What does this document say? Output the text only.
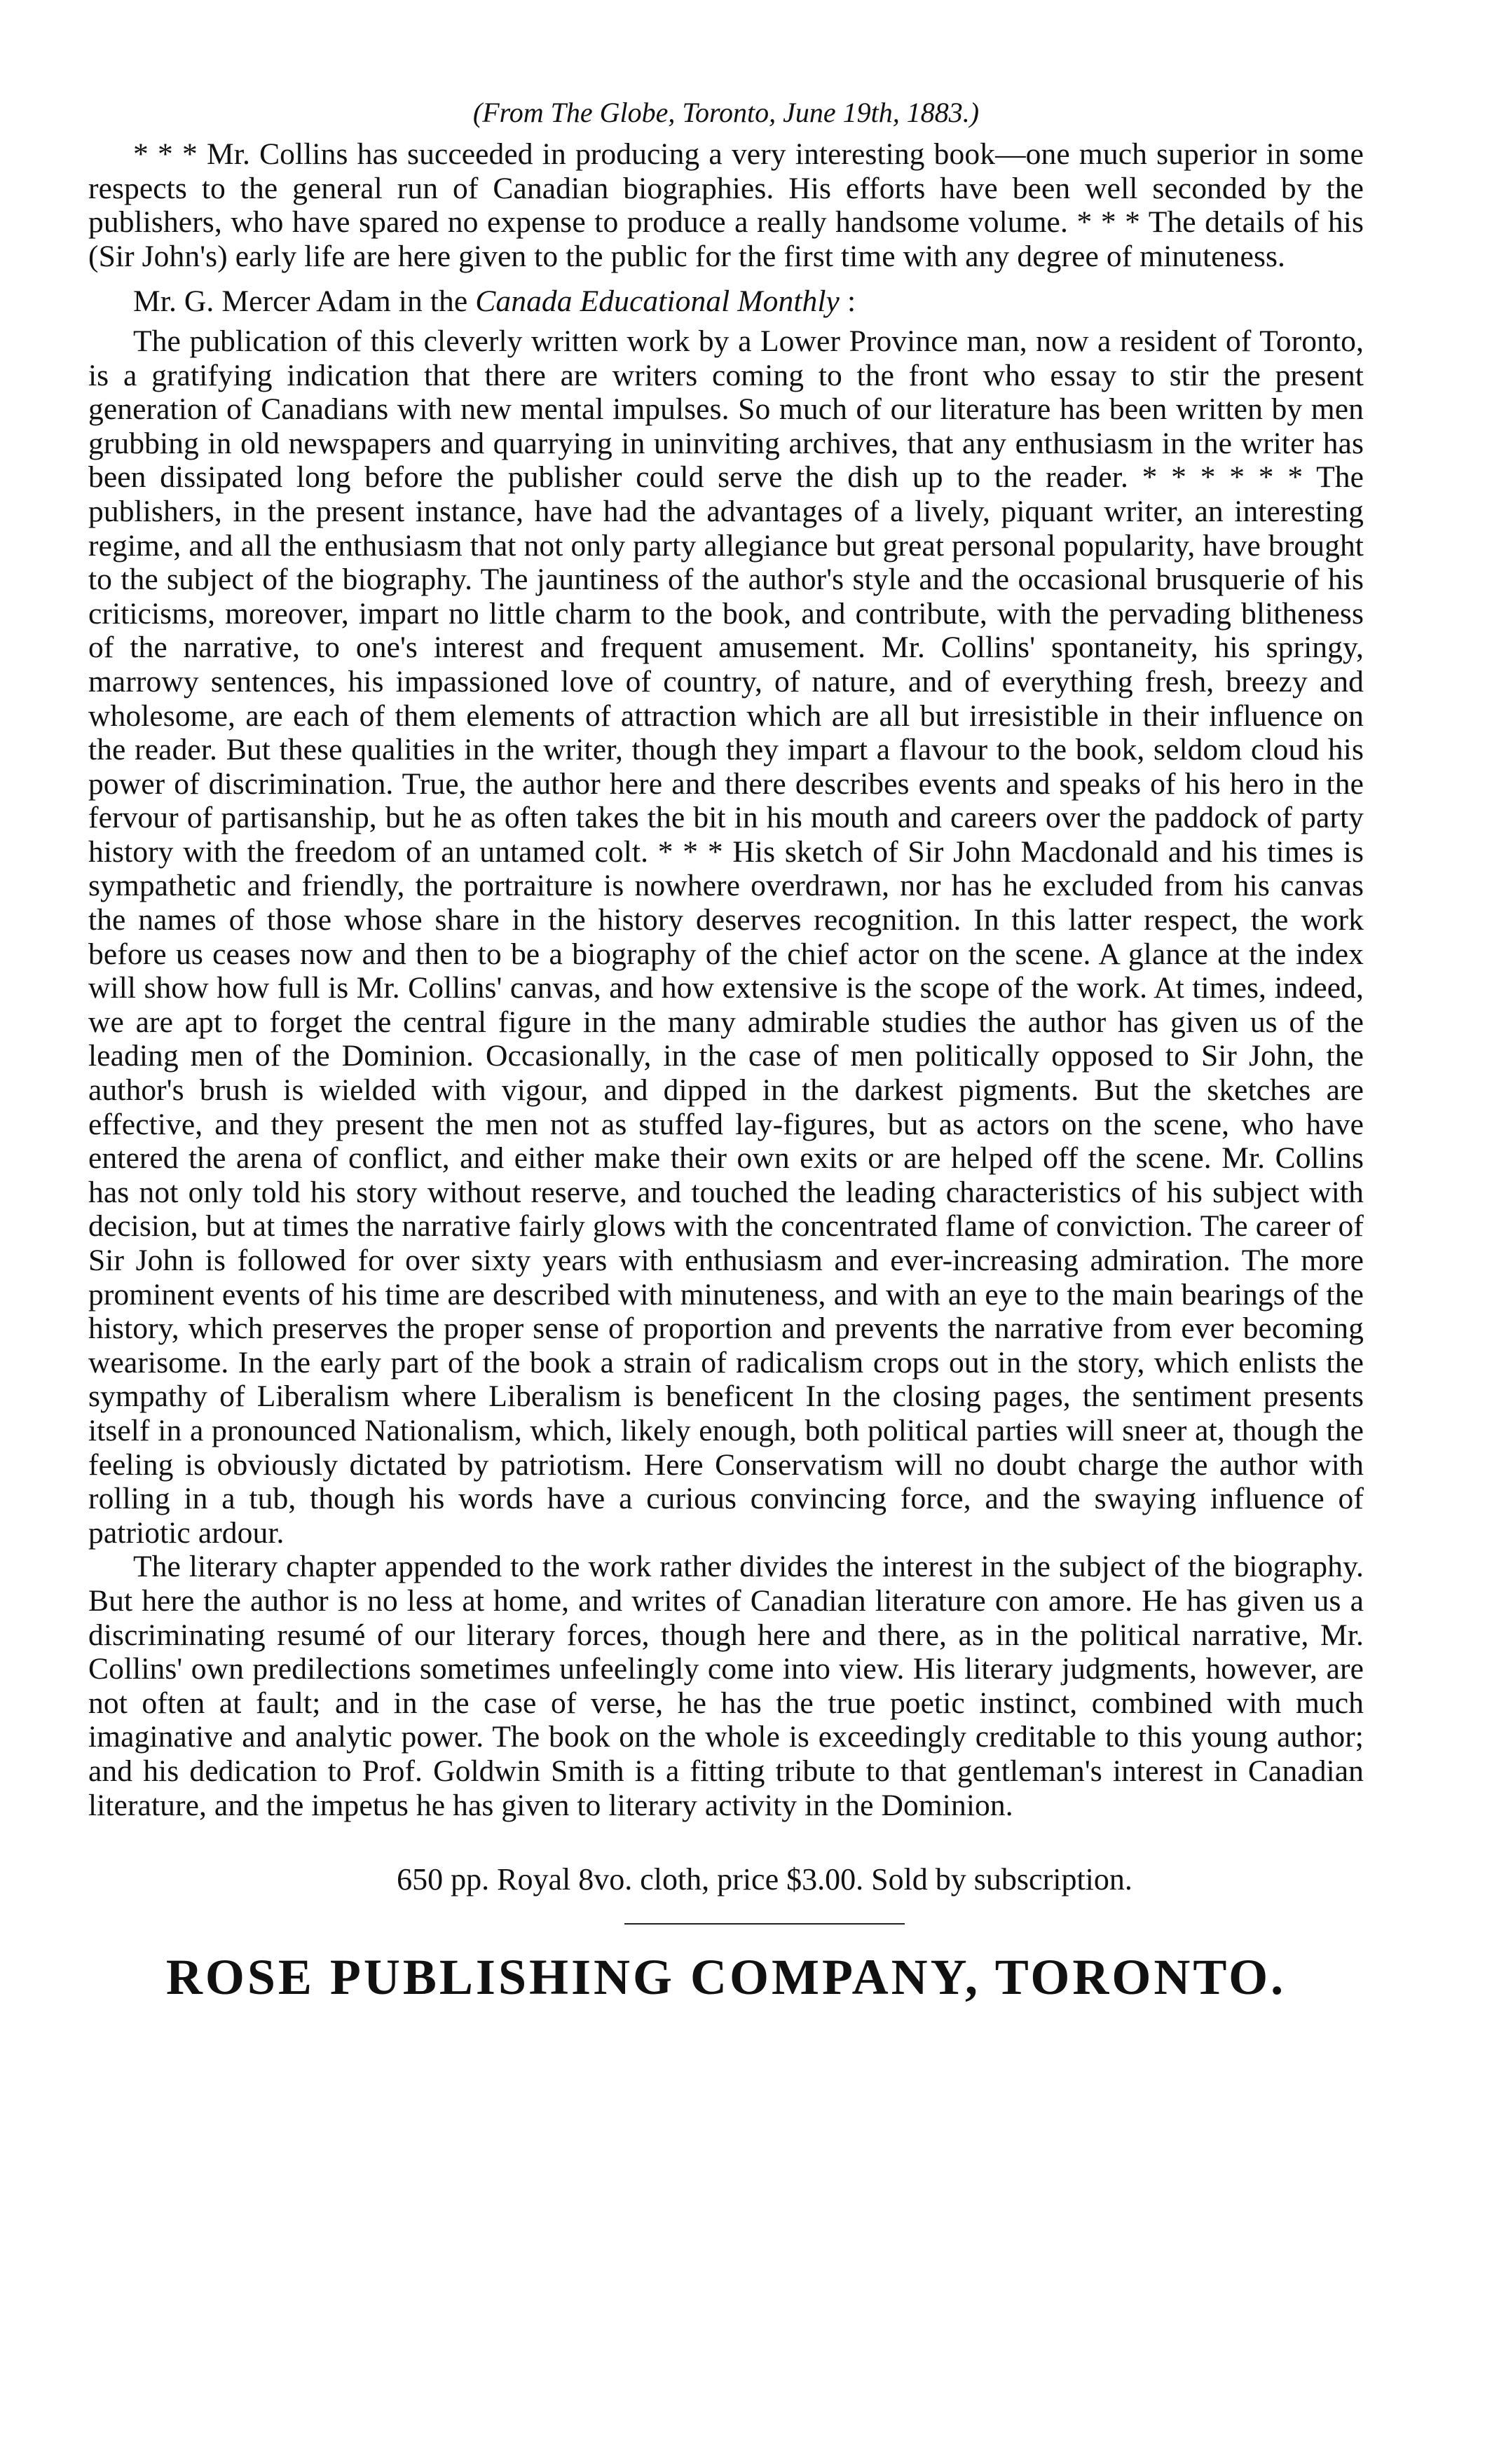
(From The Globe, Toronto, June 19th, 1883.)

* * * Mr. Collins has succeeded in producing a very interesting book—one much superior in some respects to the general run of Canadian biographies. His efforts have been well seconded by the publishers, who have spared no expense to produce a really handsome volume. * * * The details of his (Sir John's) early life are here given to the public for the first time with any degree of minuteness.

Mr. G. Mercer Adam in the Canada Educational Monthly :

The publication of this cleverly written work by a Lower Province man, now a resident of Toronto, is a gratifying indication that there are writers coming to the front who essay to stir the present generation of Canadians with new mental impulses. So much of our literature has been written by men grubbing in old newspapers and quarrying in uninviting archives, that any enthusiasm in the writer has been dissipated long before the publisher could serve the dish up to the reader. * * * * * * The publishers, in the present instance, have had the advantages of a lively, piquant writer, an interesting regime, and all the enthusiasm that not only party allegiance but great personal popularity, have brought to the subject of the biography. The jauntiness of the author's style and the occasional brusquerie of his criticisms, moreover, impart no little charm to the book, and contribute, with the pervading blitheness of the narrative, to one's interest and frequent amusement. Mr. Collins' spontaneity, his springy, marrowy sentences, his impassioned love of country, of nature, and of everything fresh, breezy and wholesome, are each of them elements of attraction which are all but irresistible in their influence on the reader. But these qualities in the writer, though they impart a flavour to the book, seldom cloud his power of discrimination. True, the author here and there describes events and speaks of his hero in the fervour of partisanship, but he as often takes the bit in his mouth and careers over the paddock of party history with the freedom of an untamed colt. * * * His sketch of Sir John Macdonald and his times is sympathetic and friendly, the portraiture is nowhere overdrawn, nor has he excluded from his canvas the names of those whose share in the history deserves recognition. In this latter respect, the work before us ceases now and then to be a biography of the chief actor on the scene. A glance at the index will show how full is Mr. Collins' canvas, and how extensive is the scope of the work. At times, indeed, we are apt to forget the central figure in the many admirable studies the author has given us of the leading men of the Dominion. Occasionally, in the case of men politically opposed to Sir John, the author's brush is wielded with vigour, and dipped in the darkest pigments. But the sketches are effective, and they present the men not as stuffed lay-figures, but as actors on the scene, who have entered the arena of conflict, and either make their own exits or are helped off the scene. Mr. Collins has not only told his story without reserve, and touched the leading characteristics of his subject with decision, but at times the narrative fairly glows with the concentrated flame of conviction. The career of Sir John is followed for over sixty years with enthusiasm and ever-increasing admiration. The more prominent events of his time are described with minuteness, and with an eye to the main bearings of the history, which preserves the proper sense of proportion and prevents the narrative from ever becoming wearisome. In the early part of the book a strain of radicalism crops out in the story, which enlists the sympathy of Liberalism where Liberalism is beneficent In the closing pages, the sentiment presents itself in a pronounced Nationalism, which, likely enough, both political parties will sneer at, though the feeling is obviously dictated by patriotism. Here Conservatism will no doubt charge the author with rolling in a tub, though his words have a curious convincing force, and the swaying influence of patriotic ardour.

The literary chapter appended to the work rather divides the interest in the subject of the biography. But here the author is no less at home, and writes of Canadian literature con amore. He has given us a discriminating resumé of our literary forces, though here and there, as in the political narrative, Mr. Collins' own predilections sometimes unfeelingly come into view. His literary judgments, however, are not often at fault; and in the case of verse, he has the true poetic instinct, combined with much imaginative and analytic power. The book on the whole is exceedingly creditable to this young author; and his dedication to Prof. Goldwin Smith is a fitting tribute to that gentleman's interest in Canadian literature, and the impetus he has given to literary activity in the Dominion.

650 pp. Royal 8vo. cloth, price $3.00. Sold by subscription.
ROSE PUBLISHING COMPANY, TORONTO.
